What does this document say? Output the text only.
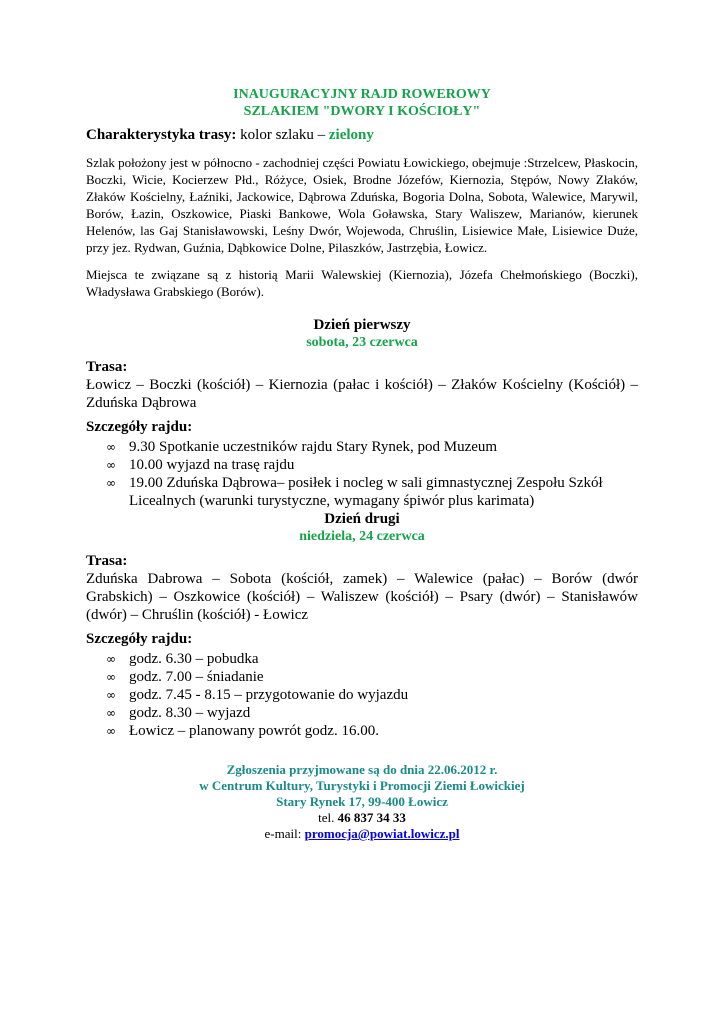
INAUGURACYJNY RAJD ROWEROWY
SZLAKIEM "DWORY I KOŚCIOŁY"
Charakterystyka trasy: kolor szlaku – zielony
Szlak położony jest w północno - zachodniej części Powiatu Łowickiego, obejmuje :Strzelcew, Płaskocin, Boczki, Wicie, Kocierzew Płd., Różyce, Osiek, Brodne Józefów, Kiernozia, Stępów, Nowy Złaków, Złaków Kościelny, Łaźniki, Jackowice, Dąbrowa Zduńska, Bogoria Dolna, Sobota, Walewice, Marywil, Borów, Łazin, Oszkowice, Piaski Bankowe, Wola Goławska, Stary Waliszew, Marianów, kierunek Helenów, las Gaj Stanisławowski, Leśny Dwór, Wojewoda, Chruślin, Lisiewice Małe, Lisiewice Duże, przy jez. Rydwan, Guźnia, Dąbkowice Dolne, Pilaszków, Jastrzębia, Łowicz.
Miejsca te związane są z historią Marii Walewskiej (Kiernozia), Józefa Chełmońskiego (Boczki), Władysława Grabskiego (Borów).
Dzień pierwszy
sobota, 23 czerwca
Trasa:
Łowicz – Boczki (kościół) – Kiernozia (pałac i kościół) – Złaków Kościelny (Kościół) – Zduńska Dąbrowa
Szczegóły rajdu:
∞ 9.30 Spotkanie uczestników rajdu Stary Rynek, pod Muzeum
∞ 10.00 wyjazd na trasę rajdu
∞ 19.00 Zduńska Dąbrowa– posiłek i nocleg w sali gimnastycznej Zespołu Szkół Licealnych (warunki turystyczne, wymagany śpiwór plus karimata)
Dzień drugi
niedziela, 24 czerwca
Trasa:
Zduńska Dabrowa – Sobota (kościół, zamek) – Walewice (pałac) – Borów (dwór Grabskich) – Oszkowice (kościół) – Waliszew (kościół) – Psary (dwór) – Stanisławów (dwór) – Chruślin (kościół) - Łowicz
Szczegóły rajdu:
∞ godz. 6.30 – pobudka
∞ godz. 7.00 – śniadanie
∞ godz. 7.45 - 8.15 – przygotowanie do wyjazdu
∞ godz. 8.30 – wyjazd
∞ Łowicz – planowany powrót godz. 16.00.
Zgłoszenia przyjmowane są do dnia 22.06.2012 r.
w Centrum Kultury, Turystyki i Promocji Ziemi Łowickiej
Stary Rynek 17, 99-400 Łowicz
tel. 46 837 34 33
e-mail: promocja@powiat.lowicz.pl
